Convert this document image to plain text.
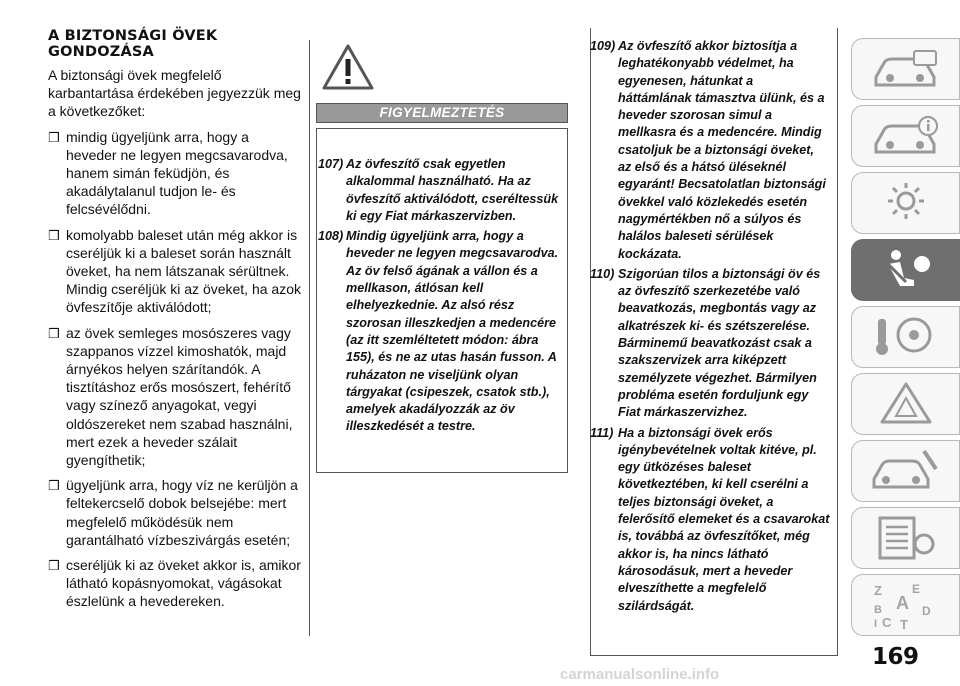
A BIZTONSÁGI ÖVEK GONDOZÁSA
A biztonsági övek megfelelő karbantartása érdekében jegyezzük meg a következőket:
❒ mindig ügyeljünk arra, hogy a heveder ne legyen megcsavarodva, hanem simán feküdjön, és akadálytalanul tudjon le- és felcsévélődni.
❒ komolyabb baleset után még akkor is cseréljük ki a baleset során használt öveket, ha nem látszanak sérültnek. Mindig cseréljük ki az öveket, ha azok övfeszítője aktiválódott;
❒ az övek semleges mosószeres vagy szappanos vízzel kimoshatók, majd árnyékos helyen szárítandók. A tisztításhoz erős mosószert, fehérítő vagy színező anyagokat, vegyi oldószereket nem szabad használni, mert ezek a heveder szálait gyengíthetik;
❒ ügyeljünk arra, hogy víz ne kerüljön a feltekercselő dobok belsejébe: mert megfelelő működésük nem garantálható vízbeszivárgás esetén;
❒ cseréljük ki az öveket akkor is, amikor látható kopásnyomokat, vágásokat észlelünk a hevedereken.
FIGYELMEZTETÉS
107) Az övfeszítő csak egyetlen alkalommal használható. Ha az övfeszítő aktiválódott, cseréltessük ki egy Fiat márkaszervizben.
108) Mindig ügyeljünk arra, hogy a heveder ne legyen megcsavarodva. Az öv felső ágának a vállon és a mellkason, átlósan kell elhelyezkednie. Az alsó rész szorosan illeszkedjen a medencére (az itt szemléltetett módon: ábra 155), és ne az utas hasán fusson. A ruházaton ne viseljünk olyan tárgyakat (csipeszek, csatok stb.), amelyek akadályozzák az öv illeszkedését a testre.
109) Az övfeszítő akkor biztosítja a leghatékonyabb védelmet, ha egyenesen, hátunkat a háttámlának támasztva ülünk, és a heveder szorosan simul a mellkasra és a medencére. Mindig csatoljuk be a biztonsági öveket, az első és a hátsó üléseknél egyaránt! Becsatolatlan biztonsági övekkel való közlekedés esetén nagymértékben nő a súlyos és halálos baleseti sérülések kockázata.
110) Szigorúan tilos a biztonsági öv és az övfeszítő szerkezetébe való beavatkozás, megbontás vagy az alkatrészek ki- és szétszerelése. Bárminemű beavatkozást csak a szakszervizek arra kiképzett személyzete végezhet. Bármilyen probléma esetén forduljunk egy Fiat márkaszervizhez.
111) Ha a biztonsági övek erős igénybevételnek voltak kitéve, pl. egy ütközéses baleset következtében, ki kell cserélni a teljes biztonsági öveket, a felerősítő elemeket és a csavarokat is, továbbá az övfeszítőket, még akkor is, ha nincs látható károsodásuk, mert a heveder elveszíthette a megfelelő szilárdságát.
Z	E
A
B
C
D
I T
169
carmanualsonline.info
